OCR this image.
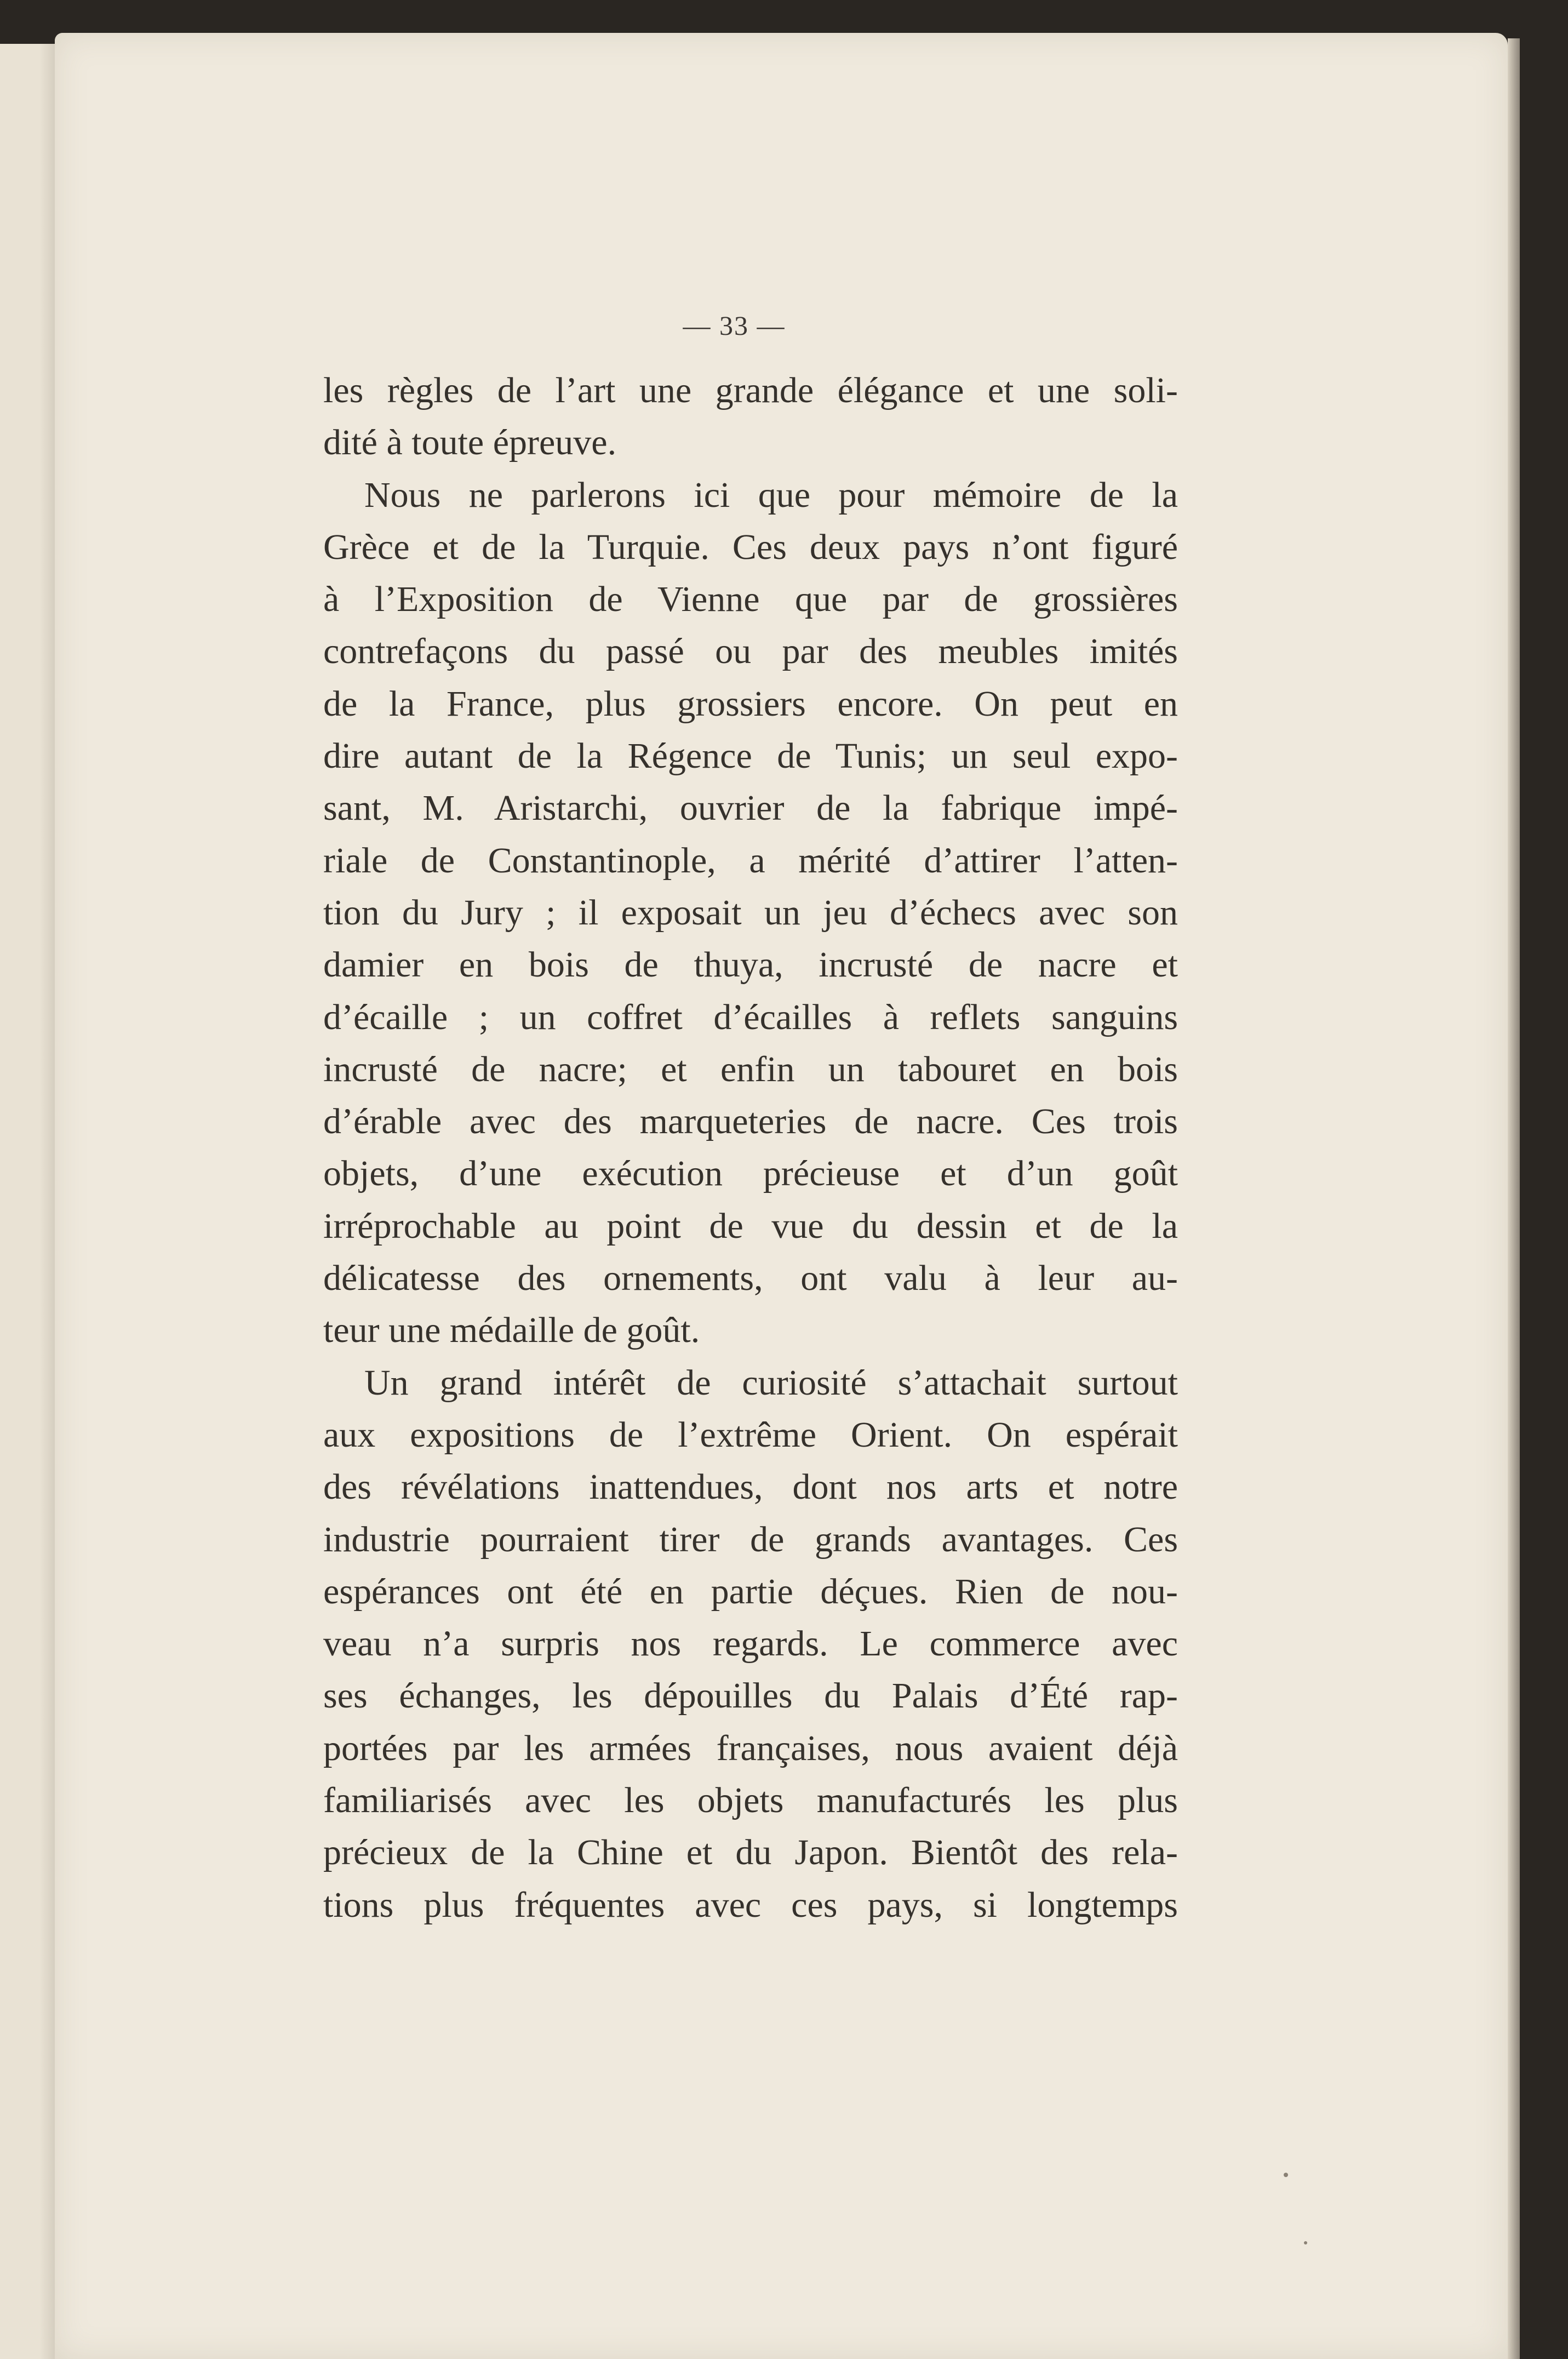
— 33 —
les règles de l’art une grande élégance et une soli-
dité à toute épreuve.
Nous ne parlerons ici que pour mémoire de la
Grèce et de la Turquie. Ces deux pays n’ont figuré
à l’Exposition de Vienne que par de grossières
contrefaçons du passé ou par des meubles imités
de la France, plus grossiers encore. On peut en
dire autant de la Régence de Tunis; un seul expo-
sant, M. Aristarchi, ouvrier de la fabrique impé-
riale de Constantinople, a mérité d’attirer l’atten-
tion du Jury ; il exposait un jeu d’échecs avec son
damier en bois de thuya, incrusté de nacre et
d’écaille ; un coffret d’écailles à reflets sanguins
incrusté de nacre; et enfin un tabouret en bois
d’érable avec des marqueteries de nacre. Ces trois
objets, d’une exécution précieuse et d’un goût
irréprochable au point de vue du dessin et de la
délicatesse des ornements, ont valu à leur au-
teur une médaille de goût.
Un grand intérêt de curiosité s’attachait surtout
aux expositions de l’extrême Orient. On espérait
des révélations inattendues, dont nos arts et notre
industrie pourraient tirer de grands avantages. Ces
espérances ont été en partie déçues. Rien de nou-
veau n’a surpris nos regards. Le commerce avec
ses échanges, les dépouilles du Palais d’Été rap-
portées par les armées françaises, nous avaient déjà
familiarisés avec les objets manufacturés les plus
précieux de la Chine et du Japon. Bientôt des rela-
tions plus fréquentes avec ces pays, si longtemps
